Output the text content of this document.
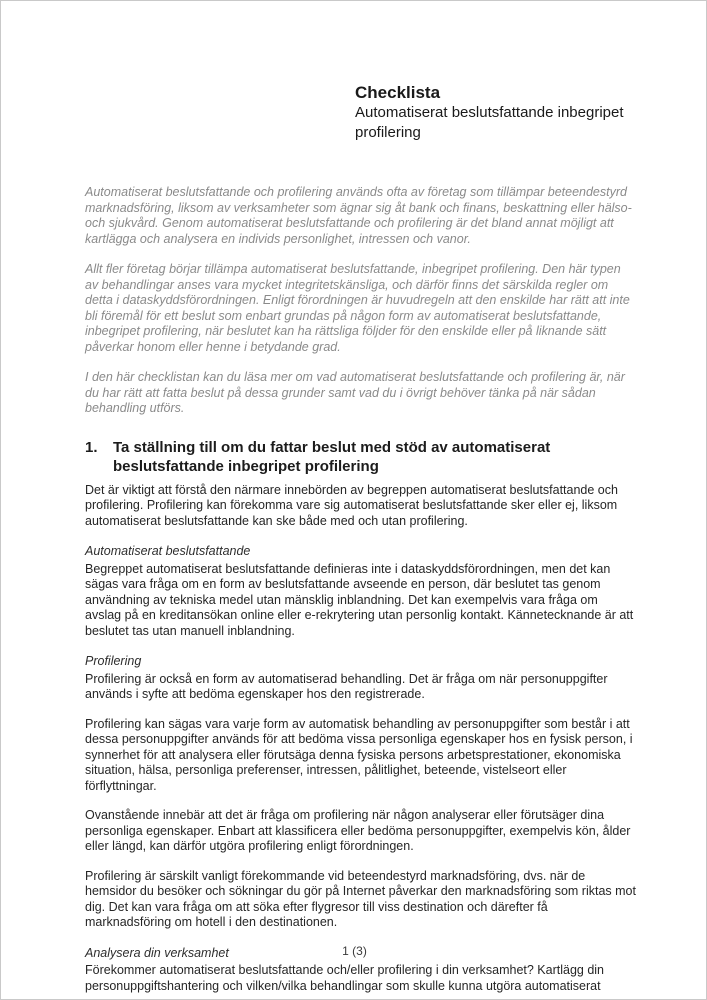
Checklista
Automatiserat beslutsfattande inbegripet profilering

Automatiserat beslutsfattande och profilering används ofta av företag som tillämpar beteendestyrd marknadsföring, liksom av verksamheter som ägnar sig åt bank och finans, beskattning eller hälso- och sjukvård. Genom automatiserat beslutsfattande och profilering är det bland annat möjligt att kartlägga och analysera en individs personlighet, intressen och vanor.

Allt fler företag börjar tillämpa automatiserat beslutsfattande, inbegripet profilering. Den här typen av behandlingar anses vara mycket integritetskänsliga, och därför finns det särskilda regler om detta i dataskyddsförordningen. Enligt förordningen är huvudregeln att den enskilde har rätt att inte bli föremål för ett beslut som enbart grundas på någon form av automatiserat beslutsfattande, inbegripet profilering, när beslutet kan ha rättsliga följder för den enskilde eller på liknande sätt påverkar honom eller henne i betydande grad.

I den här checklistan kan du läsa mer om vad automatiserat beslutsfattande och profilering är, när du har rätt att fatta beslut på dessa grunder samt vad du i övrigt behöver tänka på när sådan behandling utförs.

1.	Ta ställning till om du fattar beslut med stöd av automatiserat beslutsfattande inbegripet profilering

Det är viktigt att förstå den närmare innebörden av begreppen automatiserat beslutsfattande och profilering. Profilering kan förekomma vare sig automatiserat beslutsfattande sker eller ej, liksom automatiserat beslutsfattande kan ske både med och utan profilering.

Automatiserat beslutsfattande

Begreppet automatiserat beslutsfattande definieras inte i dataskyddsförordningen, men det kan sägas vara fråga om en form av beslutsfattande avseende en person, där beslutet tas genom användning av tekniska medel utan mänsklig inblandning. Det kan exempelvis vara fråga om avslag på en kreditansökan online eller e-rekrytering utan personlig kontakt. Kännetecknande är att beslutet tas utan manuell inblandning.

Profilering

Profilering är också en form av automatiserad behandling. Det är fråga om när personuppgifter används i syfte att bedöma egenskaper hos den registrerade.

Profilering kan sägas vara varje form av automatisk behandling av personuppgifter som består i att dessa personuppgifter används för att bedöma vissa personliga egenskaper hos en fysisk person, i synnerhet för att analysera eller förutsäga denna fysiska persons arbetsprestationer, ekonomiska situation, hälsa, personliga preferenser, intressen, pålitlighet, beteende, vistelseort eller förflyttningar.

Ovanstående innebär att det är fråga om profilering när någon analyserar eller förutsäger dina personliga egenskaper. Enbart att klassificera eller bedöma personuppgifter, exempelvis kön, ålder eller längd, kan därför utgöra profilering enligt förordningen.

Profilering är särskilt vanligt förekommande vid beteendestyrd marknadsföring, dvs. när de hemsidor du besöker och sökningar du gör på Internet påverkar den marknadsföring som riktas mot dig. Det kan vara fråga om att söka efter flygresor till viss destination och därefter få marknadsföring om hotell i den destinationen.

Analysera din verksamhet

Förekommer automatiserat beslutsfattande och/eller profilering i din verksamhet? Kartlägg din personuppgiftshantering och vilken/vilka behandlingar som skulle kunna utgöra automatiserat

1 (3)
